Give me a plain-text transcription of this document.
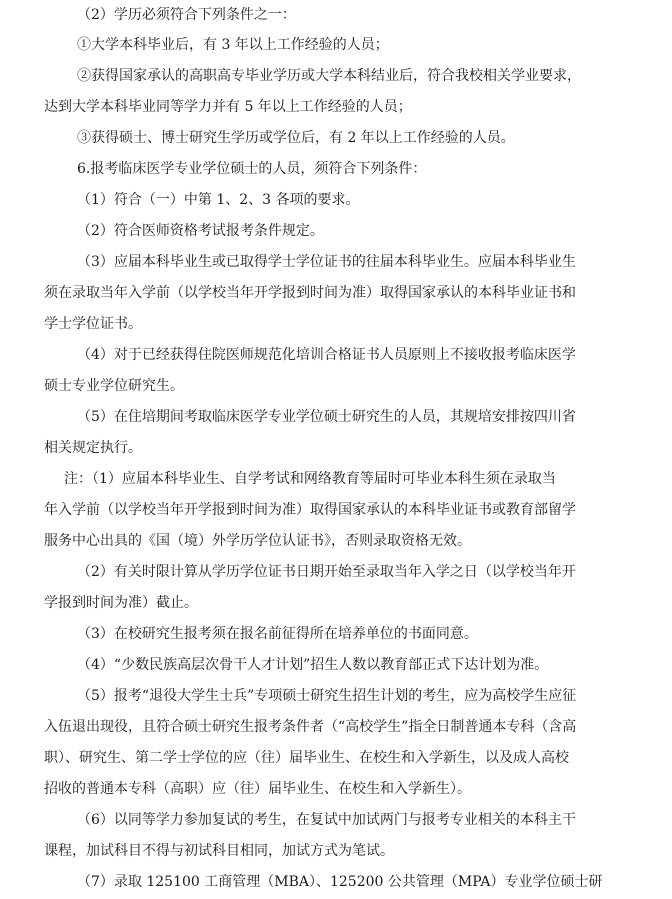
（2）学历必须符合下列条件之一：
①大学本科毕业后，有 3 年以上工作经验的人员；
②获得国家承认的高职高专毕业学历或大学本科结业后，符合我校相关学业要求，
达到大学本科毕业同等学力并有 5 年以上工作经验的人员；
③获得硕士、博士研究生学历或学位后，有 2 年以上工作经验的人员。
6.报考临床医学专业学位硕士的人员，须符合下列条件：
（1）符合（一）中第 1、2、3 各项的要求。
（2）符合医师资格考试报考条件规定。
（3）应届本科毕业生或已取得学士学位证书的往届本科毕业生。应届本科毕业生
须在录取当年入学前（以学校当年开学报到时间为准）取得国家承认的本科毕业证书和
学士学位证书。
（4）对于已经获得住院医师规范化培训合格证书人员原则上不接收报考临床医学
硕士专业学位研究生。
（5）在住培期间考取临床医学专业学位硕士研究生的人员，其规培安排按四川省
相关规定执行。
注：（1）应届本科毕业生、自学考试和网络教育等届时可毕业本科生须在录取当
年入学前（以学校当年开学报到时间为准）取得国家承认的本科毕业证书或教育部留学
服务中心出具的《国（境）外学历学位认证书》，否则录取资格无效。
（2）有关时限计算从学历学位证书日期开始至录取当年入学之日（以学校当年开
学报到时间为准）截止。
（3）在校研究生报考须在报名前征得所在培养单位的书面同意。
（4）“少数民族高层次骨干人才计划”招生人数以教育部正式下达计划为准。
（5）报考“退役大学生士兵”专项硕士研究生招生计划的考生，应为高校学生应征
入伍退出现役，且符合硕士研究生报考条件者（“高校学生”指全日制普通本专科（含高
职）、研究生、第二学士学位的应（往）届毕业生、在校生和入学新生，以及成人高校
招收的普通本专科（高职）应（往）届毕业生、在校生和入学新生）。
（6）以同等学力参加复试的考生，在复试中加试两门与报考专业相关的本科主干
课程，加试科目不得与初试科目相同，加试方式为笔试。
（7）录取 125100 工商管理（MBA）、125200 公共管理（MPA）专业学位硕士研
